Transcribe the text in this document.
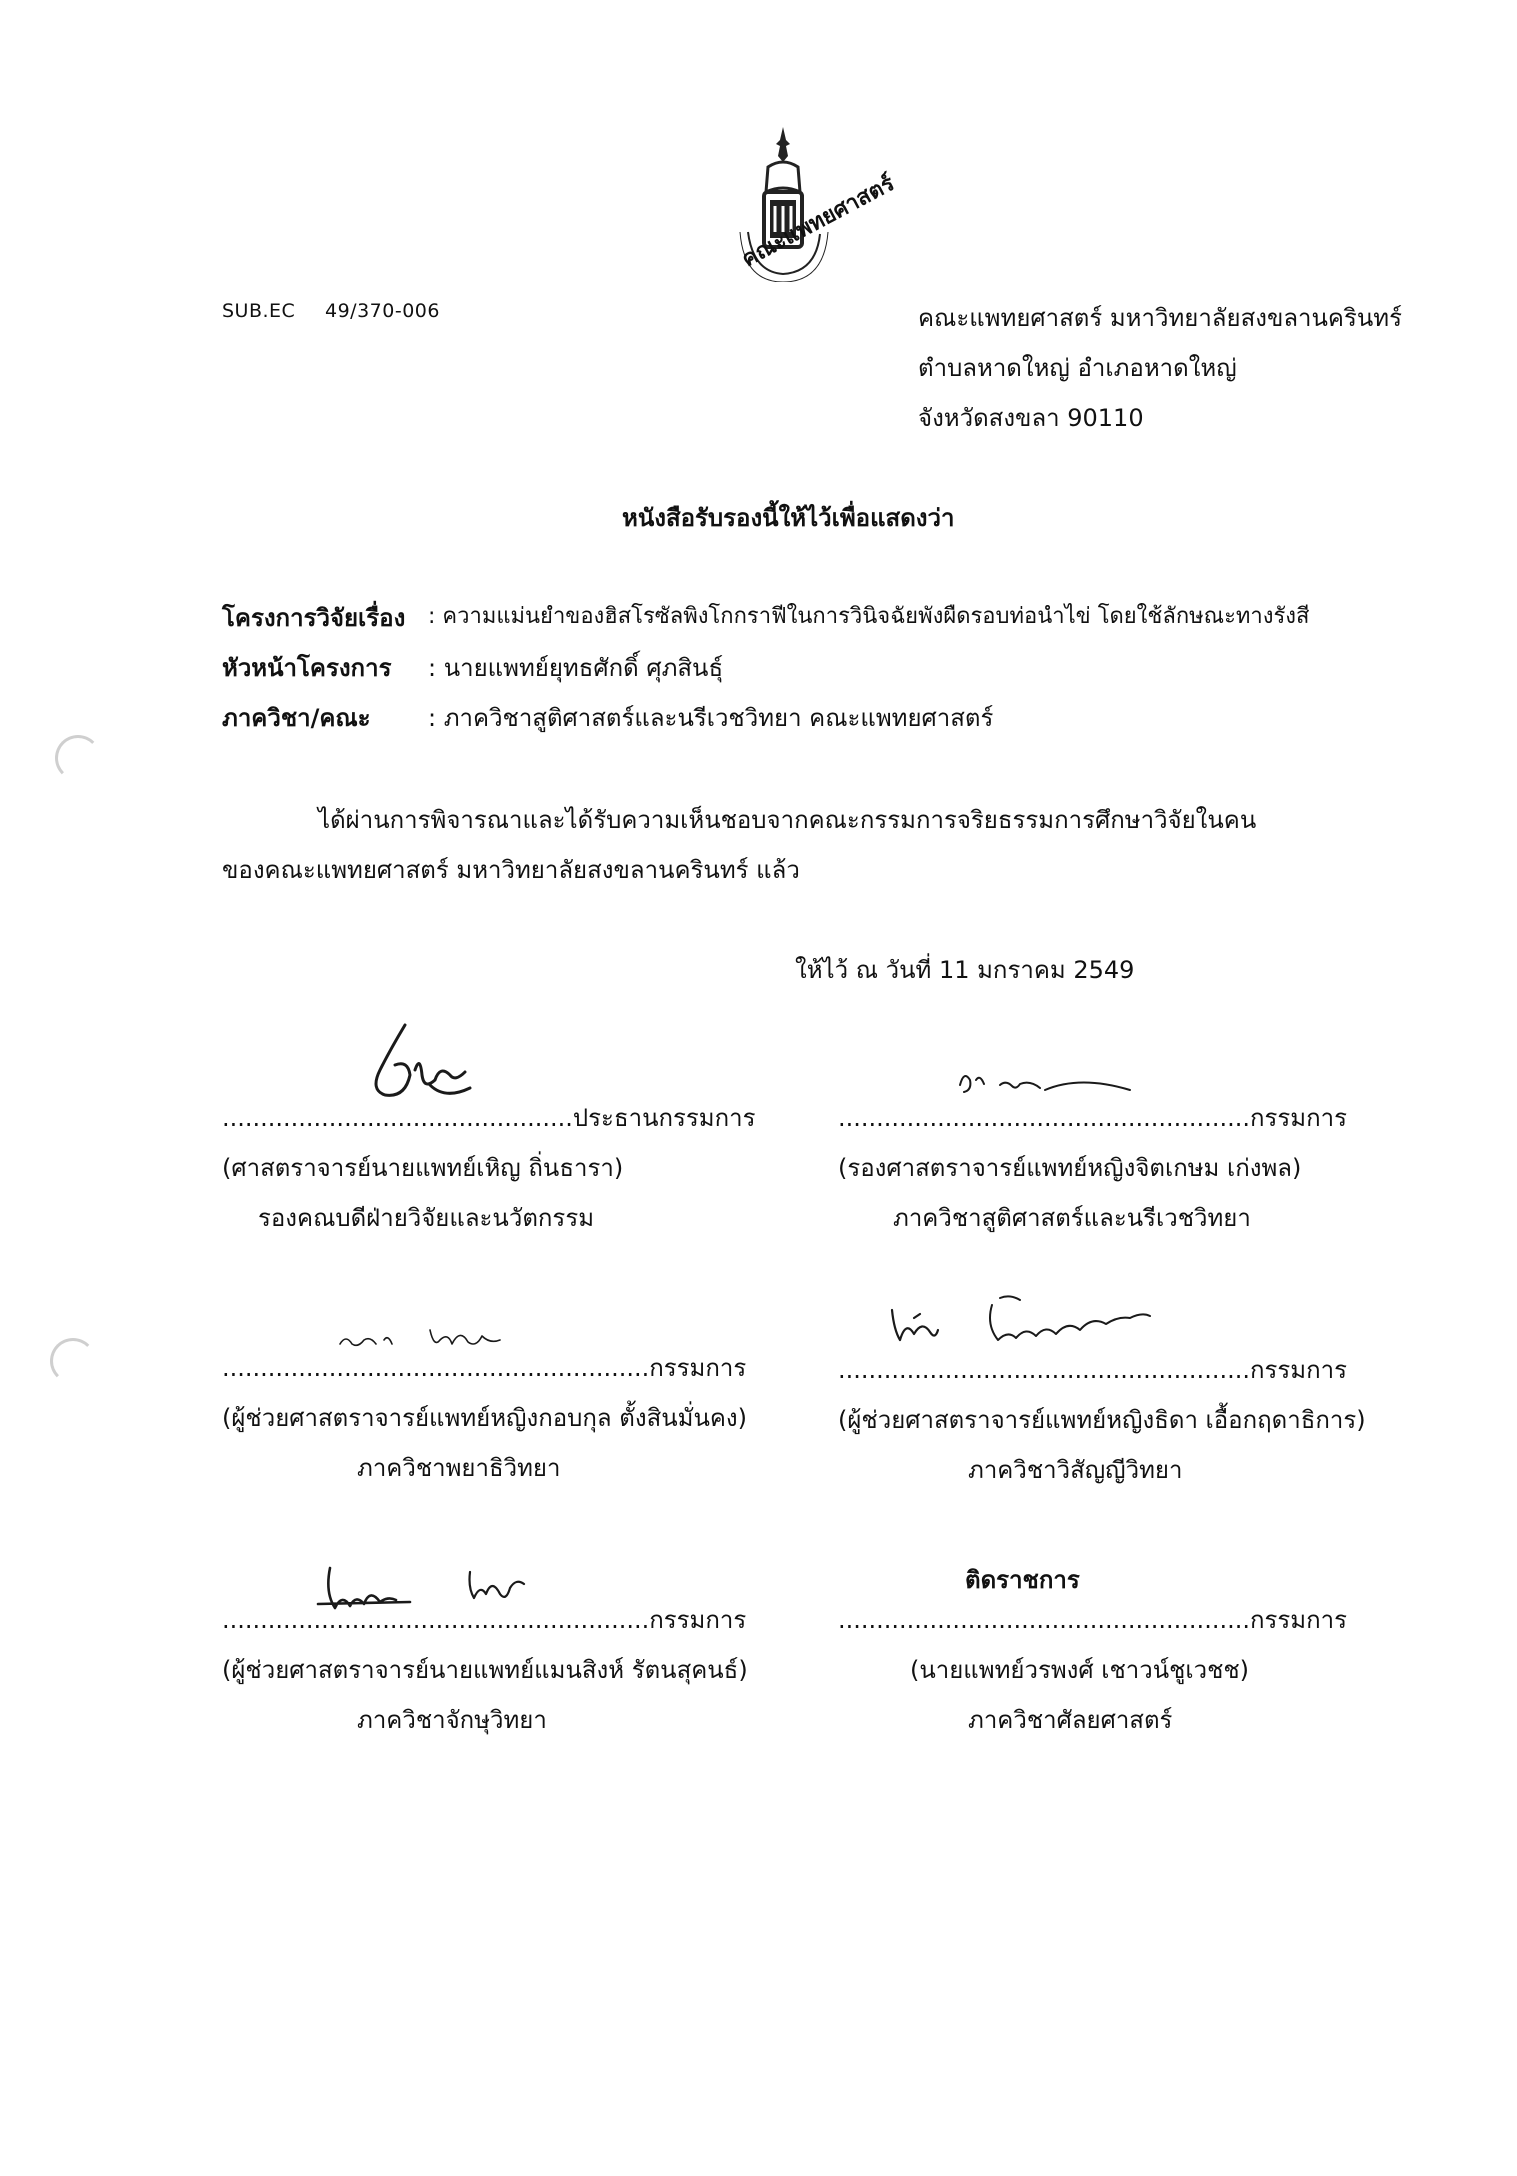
คณะแพทยศาสตร์
SUB.EC 49/370-006	คณะแพทยศาสตร์ มหาวิทยาลัยสงขลานครินทร์
ตำบลหาดใหญ่ อำเภอหาดใหญ่
จังหวัดสงขลา 90110
หนังสือรับรองนี้ให้ไว้เพื่อแสดงว่า
โครงการวิจัยเรื่อง : ความแม่นยำของฮิสโรซัลพิงโกกราฟีในการวินิจฉัยพังผืดรอบท่อนำไข่ โดยใช้ลักษณะทางรังสี
หัวหน้าโครงการ : นายแพทย์ยุทธศักดิ์ ศุภสินธุ์
ภาควิชา/คณะ : ภาควิชาสูติศาสตร์และนรีเวชวิทยา คณะแพทยศาสตร์
ได้ผ่านการพิจารณาและได้รับความเห็นชอบจากคณะกรรมการจริยธรรมการศึกษาวิจัยในคน
ของคณะแพทยศาสตร์ มหาวิทยาลัยสงขลานครินทร์ แล้ว
ให้ไว้ ณ วันที่ 11 มกราคม 2549
..............................................ประธานกรรมการ
(ศาสตราจารย์นายแพทย์เหิญ ถิ่นธารา)
รองคณบดีฝ่ายวิจัยและนวัตกรรม
......................................................กรรมการ
(รองศาสตราจารย์แพทย์หญิงจิตเกษม เก่งพล)
ภาควิชาสูติศาสตร์และนรีเวชวิทยา
........................................................กรรมการ
(ผู้ช่วยศาสตราจารย์แพทย์หญิงกอบกุล ตั้งสินมั่นคง)
ภาควิชาพยาธิวิทยา
......................................................กรรมการ
(ผู้ช่วยศาสตราจารย์แพทย์หญิงธิดา เอื้อกฤดาธิการ)
ภาควิชาวิสัญญีวิทยา
........................................................กรรมการ
(ผู้ช่วยศาสตราจารย์นายแพทย์แมนสิงห์ รัตนสุคนธ์)
ภาควิชาจักษุวิทยา
ติดราชการ
......................................................กรรมการ
(นายแพทย์วรพงศ์ เชาวน์ชูเวชช)
ภาควิชาศัลยศาสตร์
